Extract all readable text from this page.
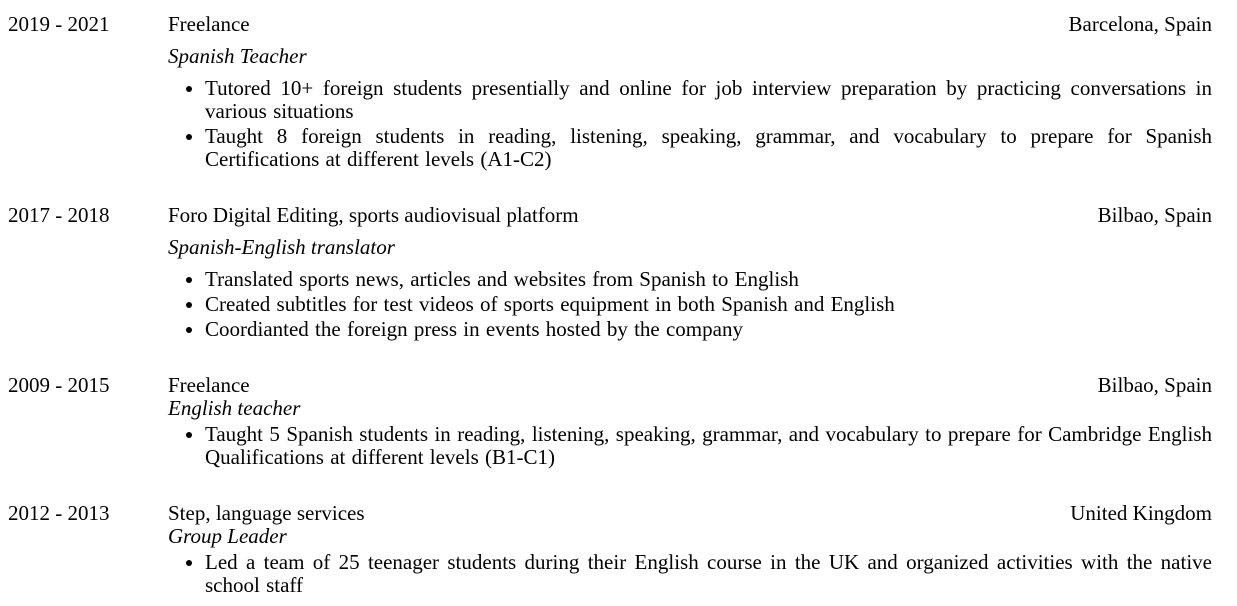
2019 - 2021	Freelance	Barcelona, Spain
Spanish Teacher
• Tutored 10+ foreign students presentially and online for job interview preparation by practicing conversations in various situations
• Taught 8 foreign students in reading, listening, speaking, grammar, and vocabulary to prepare for Spanish Certifications at different levels (A1-C2)
2017 - 2018	Foro Digital Editing, sports audiovisual platform	Bilbao, Spain
Spanish-English translator
• Translated sports news, articles and websites from Spanish to English
• Created subtitles for test videos of sports equipment in both Spanish and English
• Coordianted the foreign press in events hosted by the company
2009 - 2015	Freelance	Bilbao, Spain
English teacher
• Taught 5 Spanish students in reading, listening, speaking, grammar, and vocabulary to prepare for Cambridge English Qualifications at different levels (B1-C1)
2012 - 2013	Step, language services	United Kingdom
Group Leader
• Led a team of 25 teenager students during their English course in the UK and organized activities with the native school staff
